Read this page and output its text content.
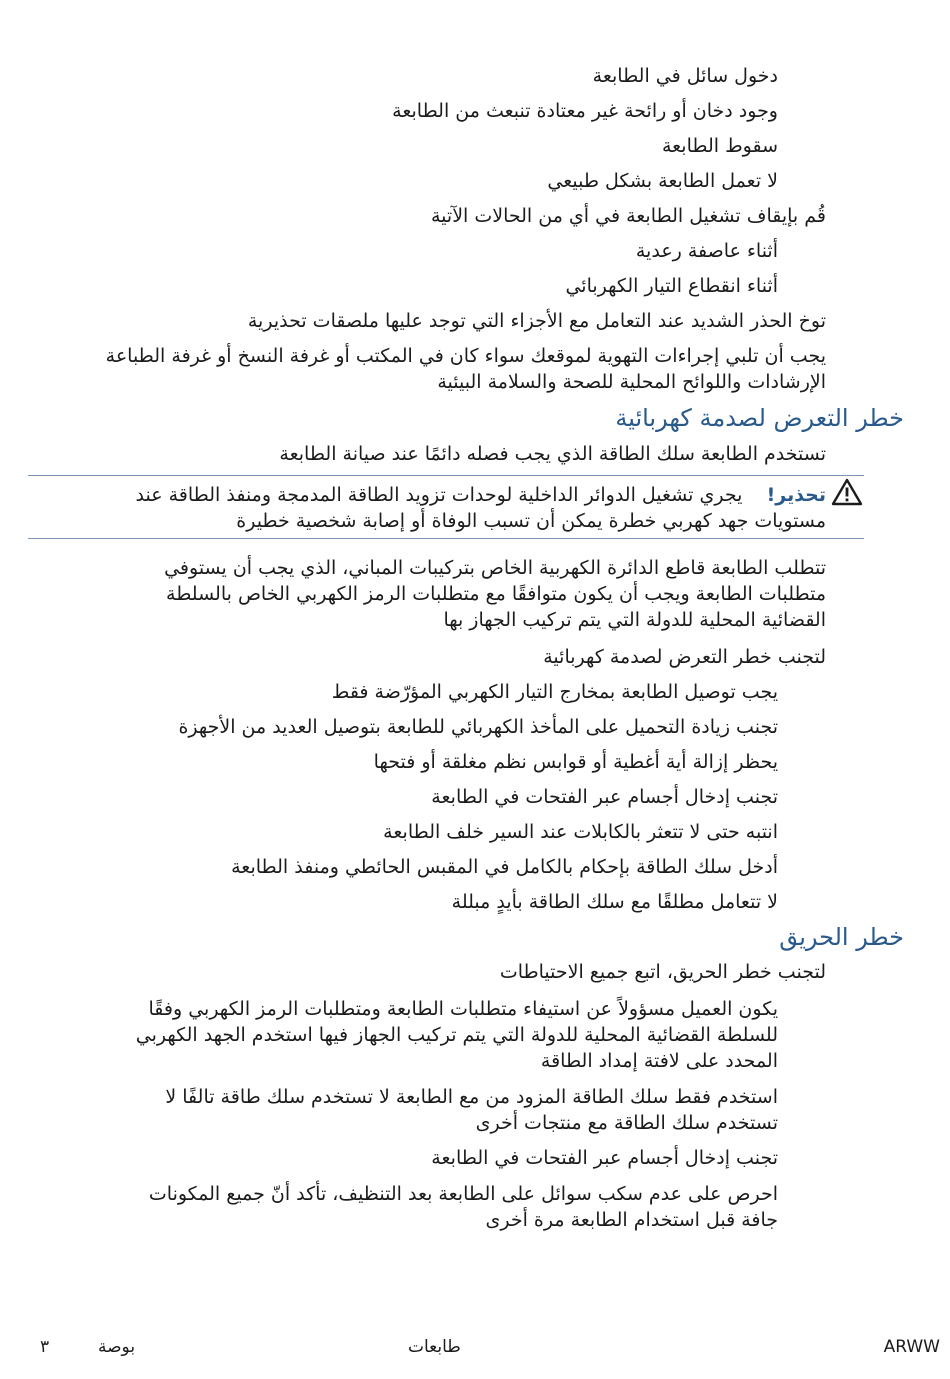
دخول سائل في الطابعة
وجود دخان أو رائحة غير معتادة تنبعث من الطابعة
سقوط الطابعة
لا تعمل الطابعة بشكل طبيعي
قُم بإيقاف تشغيل الطابعة في أي من الحالات الآتية
أثناء عاصفة رعدية
أثناء انقطاع التيار الكهربائي
توخ الحذر الشديد عند التعامل مع الأجزاء التي توجد عليها ملصقات تحذيرية
يجب أن تلبي إجراءات التهوية لموقعك سواء كان في المكتب أو غرفة النسخ أو غرفة الطباعة
الإرشادات واللوائح المحلية للصحة والسلامة البيئية
خطر التعرض لصدمة كهربائية
تستخدم الطابعة سلك الطاقة الذي يجب فصله دائمًا عند صيانة الطابعة
تحذير!    يجري تشغيل الدوائر الداخلية لوحدات تزويد الطاقة المدمجة ومنفذ الطاقة عند
مستويات جهد كهربي خطرة يمكن أن تسبب الوفاة أو إصابة شخصية خطيرة
تتطلب الطابعة قاطع الدائرة الكهربية الخاص بتركيبات المباني، الذي يجب أن يستوفي
متطلبات الطابعة ويجب أن يكون متوافقًا مع متطلبات الرمز الكهربي الخاص بالسلطة
القضائية المحلية للدولة التي يتم تركيب الجهاز بها
لتجنب خطر التعرض لصدمة كهربائية
يجب توصيل الطابعة بمخارج التيار الكهربي المؤرّضة فقط
تجنب زيادة التحميل على المأخذ الكهربائي للطابعة بتوصيل العديد من الأجهزة
يحظر إزالة أية أغطية أو قوابس نظم مغلقة أو فتحها
تجنب إدخال أجسام عبر الفتحات في الطابعة
انتبه حتى لا تتعثر بالكابلات عند السير خلف الطابعة
أدخل سلك الطاقة بإحكام بالكامل في المقبس الحائطي ومنفذ الطابعة
لا تتعامل مطلقًا مع سلك الطاقة بأيدٍ مبللة
خطر الحريق
لتجنب خطر الحريق، اتبع جميع الاحتياطات
يكون العميل مسؤولاً عن استيفاء متطلبات الطابعة ومتطلبات الرمز الكهربي وفقًا
للسلطة القضائية المحلية للدولة التي يتم تركيب الجهاز فيها استخدم الجهد الكهربي
المحدد على لافتة إمداد الطاقة
استخدم فقط سلك الطاقة المزود من مع الطابعة لا تستخدم سلك طاقة تالفًا لا
تستخدم سلك الطاقة مع منتجات أخرى
تجنب إدخال أجسام عبر الفتحات في الطابعة
احرص على عدم سكب سوائل على الطابعة بعد التنظيف، تأكد أنّ جميع المكونات
جافة قبل استخدام الطابعة مرة أخرى
ARWW
طابعات
بوصة
٣
